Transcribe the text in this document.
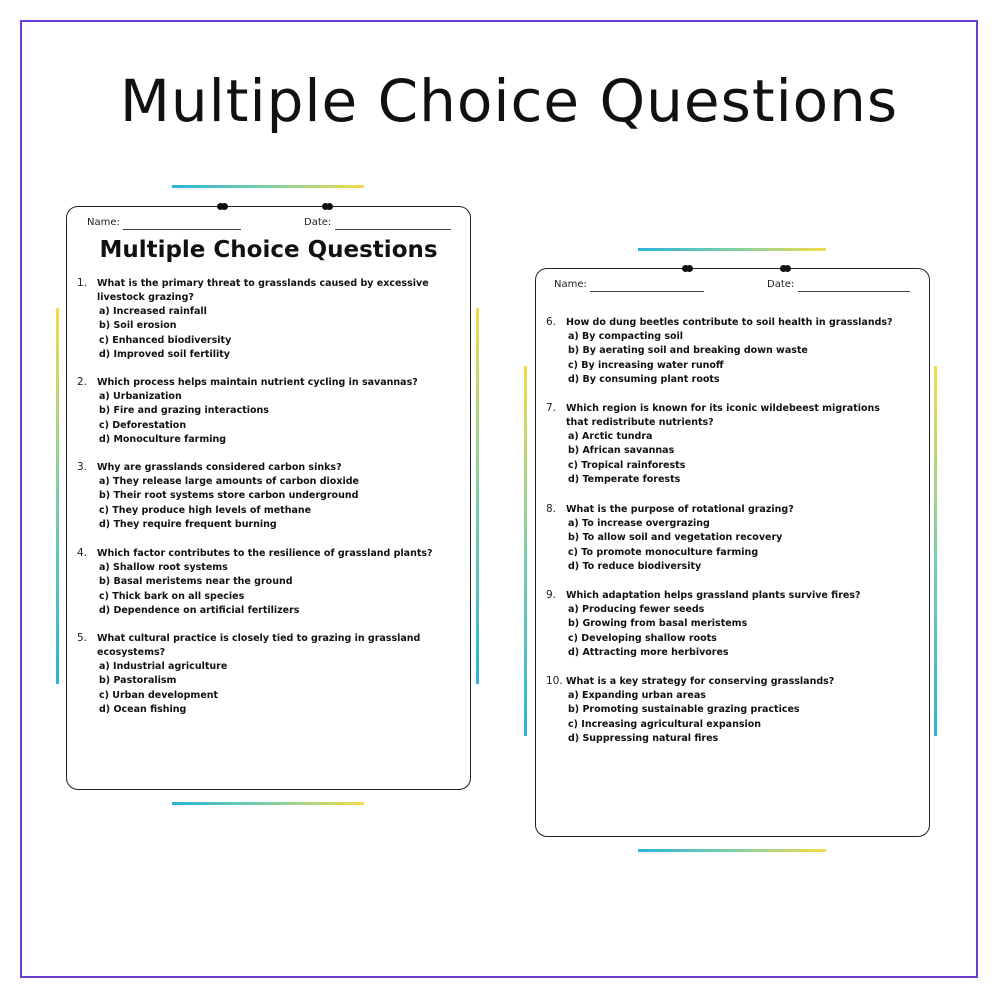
Multiple Choice Questions
Name:	Date:
Multiple Choice Questions
1. What is the primary threat to grasslands caused by excessive livestock grazing?
a) Increased rainfall
b) Soil erosion
c) Enhanced biodiversity
d) Improved soil fertility
2. Which process helps maintain nutrient cycling in savannas?
a) Urbanization
b) Fire and grazing interactions
c) Deforestation
d) Monoculture farming
3. Why are grasslands considered carbon sinks?
a) They release large amounts of carbon dioxide
b) Their root systems store carbon underground
c) They produce high levels of methane
d) They require frequent burning
4. Which factor contributes to the resilience of grassland plants?
a) Shallow root systems
b) Basal meristems near the ground
c) Thick bark on all species
d) Dependence on artificial fertilizers
5. What cultural practice is closely tied to grazing in grassland ecosystems?
a) Industrial agriculture
b) Pastoralism
c) Urban development
d) Ocean fishing
Name:	Date:
6. How do dung beetles contribute to soil health in grasslands?
a) By compacting soil
b) By aerating soil and breaking down waste
c) By increasing water runoff
d) By consuming plant roots
7. Which region is known for its iconic wildebeest migrations that redistribute nutrients?
a) Arctic tundra
b) African savannas
c) Tropical rainforests
d) Temperate forests
8. What is the purpose of rotational grazing?
a) To increase overgrazing
b) To allow soil and vegetation recovery
c) To promote monoculture farming
d) To reduce biodiversity
9. Which adaptation helps grassland plants survive fires?
a) Producing fewer seeds
b) Growing from basal meristems
c) Developing shallow roots
d) Attracting more herbivores
10. What is a key strategy for conserving grasslands?
a) Expanding urban areas
b) Promoting sustainable grazing practices
c) Increasing agricultural expansion
d) Suppressing natural fires
